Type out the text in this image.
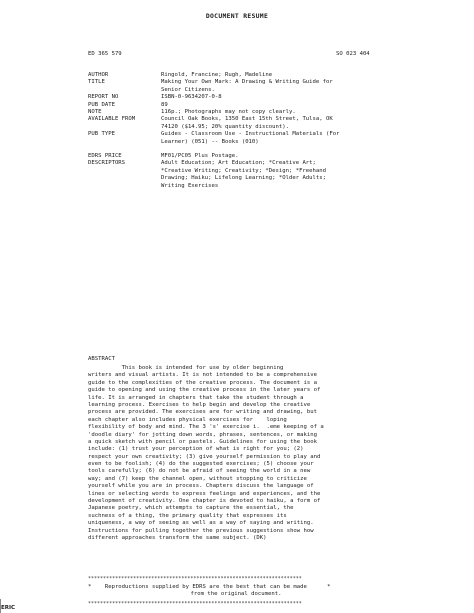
DOCUMENT RESUME
ED 365 579	SO 023 404
AUTHOR	Ringold, Francine; Rugh, Madeline
TITLE	Making Your Own Mark: A Drawing & Writing Guide for
Senior Citizens.
REPORT NO	ISBN-0-9634207-0-8
PUB DATE	89
NOTE	116p.; Photographs may not copy clearly.
AVAILABLE FROM	Council Oak Books, 1350 East 15th Street, Tulsa, OK
74120 ($14.95; 20% quantity discount).
PUB TYPE	Guides - Classroom Use - Instructional Materials (For
Learner) (051) -- Books (010)
EDRS PRICE	MF01/PC05 Plus Postage.
DESCRIPTORS	Adult Education; Art Education; *Creative Art;
*Creative Writing; Creativity; *Design; *Freehand
Drawing; Haiku; Lifelong Learning; *Older Adults;
Writing Exercises
ABSTRACT
This book is intended for use by older beginning
writers and visual artists. It is not intended to be a comprehensive
guide to the complexities of the creative process. The document is a
guide to opening and using the creative process in the later years of
life. It is arranged in chapters that take the student through a
learning process. Exercises to help begin and develop the creative
process are provided. The exercises are for writing and drawing, but
each chapter also includes physical exercises for    loping
flexibility of body and mind. The 3 's' exercise i.  .eme keeping of a
'doodle diary' for jotting down words, phrases, sentences, or making
a quick sketch with pencil or pastels. Guidelines for using the book
include: (1) trust your perception of what is right for you; (2)
respect your own creativity; (3) give yourself permission to play and
even to be foolish; (4) do the suggested exercises; (5) choose your
tools carefully; (6) do not be afraid of seeing the world in a new
way; and (7) keep the channel open, without stopping to criticize
yourself while you are in process. Chapters discuss the language of
lines or selecting words to express feelings and experiences, and the
development of creativity. One chapter is devoted to haiku, a form of
Japanese poetry, which attempts to capture the essential, the
suchness of a thing, the primary quality that expresses its
uniqueness, a way of seeing as well as a way of saying and writing.
Instructions for pulling together the previous suggestions show how
different approaches transform the same subject. (DK)
***********************************************************************
*    Reproductions supplied by EDRS are the best that can be made      *
from the original document.
***********************************************************************
ERIC
